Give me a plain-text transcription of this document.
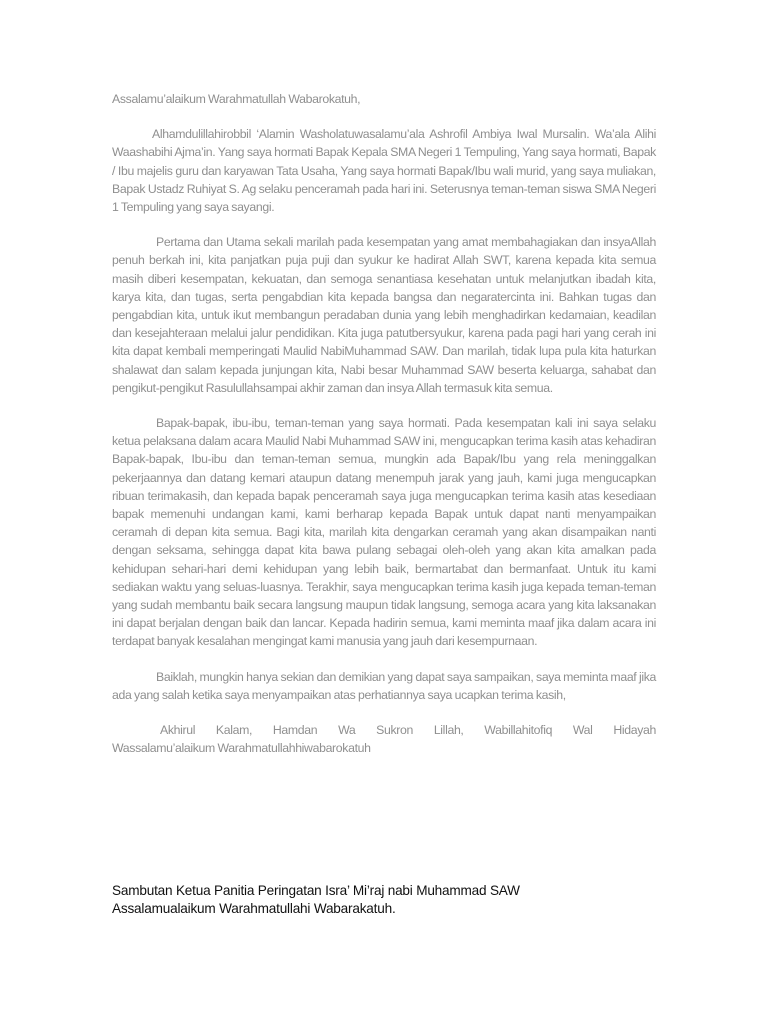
Assalamu’alaikum Warahmatullah Wabarokatuh,

Alhamdulillahirobbil ‘Alamin Washolatuwasalamu’ala Ashrofil Ambiya Iwal Mursalin. Wa’ala Alihi Waashabihi Ajma’in. Yang saya hormati Bapak Kepala SMA Negeri 1 Tempuling, Yang saya hormati, Bapak / Ibu majelis guru dan karyawan Tata Usaha, Yang saya hormati Bapak/Ibu wali murid, yang saya muliakan, Bapak Ustadz Ruhiyat S. Ag selaku penceramah pada hari ini. Seterusnya teman-teman siswa SMA Negeri 1 Tempuling yang saya sayangi.

Pertama dan Utama sekali marilah pada kesempatan yang amat membahagiakan dan insyaAllah penuh berkah ini, kita panjatkan puja puji dan syukur ke hadirat Allah SWT, karena kepada kita semua masih diberi kesempatan, kekuatan, dan semoga senantiasa kesehatan untuk melanjutkan ibadah kita, karya kita, dan tugas, serta pengabdian kita kepada bangsa dan negaratercinta ini. Bahkan tugas dan pengabdian kita, untuk ikut membangun peradaban dunia yang lebih menghadirkan kedamaian, keadilan dan kesejahteraan melalui jalur pendidikan. Kita juga patutbersyukur, karena pada pagi hari yang cerah ini kita dapat kembali memperingati Maulid NabiMuhammad SAW. Dan marilah, tidak lupa pula kita haturkan shalawat dan salam kepada junjungan kita, Nabi besar Muhammad SAW beserta keluarga, sahabat dan pengikut-pengikut Rasulullahsampai akhir zaman dan insya Allah termasuk kita semua.

Bapak-bapak, ibu-ibu, teman-teman yang saya hormati. Pada kesempatan kali ini saya selaku ketua pelaksana dalam acara Maulid Nabi Muhammad SAW ini, mengucapkan terima kasih atas kehadiran Bapak-bapak, Ibu-ibu dan teman-teman semua, mungkin ada Bapak/Ibu yang rela meninggalkan pekerjaannya dan datang kemari ataupun datang menempuh jarak yang jauh, kami juga mengucapkan ribuan terimakasih, dan kepada bapak penceramah saya juga mengucapkan terima kasih atas kesediaan bapak memenuhi undangan kami, kami berharap kepada Bapak untuk dapat nanti menyampaikan ceramah di depan kita semua. Bagi kita, marilah kita dengarkan ceramah yang akan disampaikan nanti dengan seksama, sehingga dapat kita bawa pulang sebagai oleh-oleh yang akan kita amalkan pada kehidupan sehari-hari demi kehidupan yang lebih baik, bermartabat dan bermanfaat. Untuk itu kami sediakan waktu yang seluas-luasnya. Terakhir, saya mengucapkan terima kasih juga kepada teman-teman yang sudah membantu baik secara langsung maupun tidak langsung, semoga acara yang kita laksanakan ini dapat berjalan dengan baik dan lancar. Kepada hadirin semua, kami meminta maaf jika dalam acara ini terdapat banyak kesalahan mengingat kami manusia yang jauh dari kesempurnaan.

Baiklah, mungkin hanya sekian dan demikian yang dapat saya sampaikan, saya meminta maaf jika ada yang salah ketika saya menyampaikan atas perhatiannya saya ucapkan terima kasih,

Akhirul Kalam, Hamdan Wa Sukron Lillah, Wabillahitofiq Wal Hidayah
Wassalamu’alaikum Warahmatullahhiwabarokatuh

Sambutan Ketua Panitia Peringatan Isra’ Mi’raj nabi Muhammad SAW
Assalamualaikum Warahmatullahi Wabarakatuh.
